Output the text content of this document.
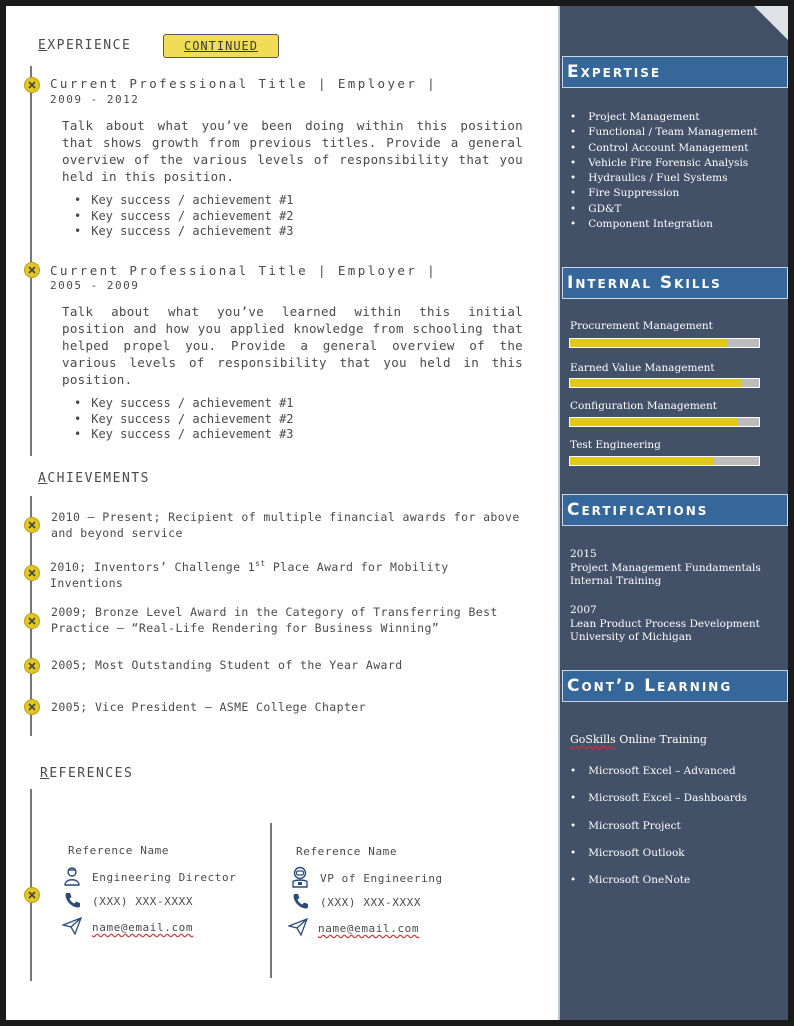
EXPERIENCE	CONTINUED
Current Professional Title | Employer |
2009 - 2012
Talk about what you’ve been doing within this position that shows growth from previous titles. Provide a general overview of the various levels of responsibility that you held in this position.
• Key success / achievement #1
• Key success / achievement #2
• Key success / achievement #3
Current Professional Title | Employer |
2005 - 2009
Talk about what you’ve learned within this initial position and how you applied knowledge from schooling that helped propel you. Provide a general overview of the various levels of responsibility that you held in this position.
• Key success / achievement #1
• Key success / achievement #2
• Key success / achievement #3
ACHIEVEMENTS
2010 – Present; Recipient of multiple financial awards for above and beyond service
2010; Inventors’ Challenge 1st Place Award for Mobility Inventions
2009; Bronze Level Award in the Category of Transferring Best Practice – “Real-Life Rendering for Business Winning”
2005; Most Outstanding Student of the Year Award
2005; Vice President – ASME College Chapter
REFERENCES
Reference Name
Engineering Director
(XXX) XXX-XXXX
name@email.com
Reference Name
VP of Engineering
(XXX) XXX-XXXX
name@email.com
Expertise
• Project Management
• Functional / Team Management
• Control Account Management
• Vehicle Fire Forensic Analysis
• Hydraulics / Fuel Systems
• Fire Suppression
• GD&T
• Component Integration
Internal Skills
Procurement Management
Earned Value Management
Configuration Management
Test Engineering
Certifications
2015
Project Management Fundamentals
Internal Training
2007
Lean Product Process Development
University of Michigan
Cont’d Learning
GoSkills Online Training
• Microsoft Excel – Advanced
• Microsoft Excel – Dashboards
• Microsoft Project
• Microsoft Outlook
• Microsoft OneNote
